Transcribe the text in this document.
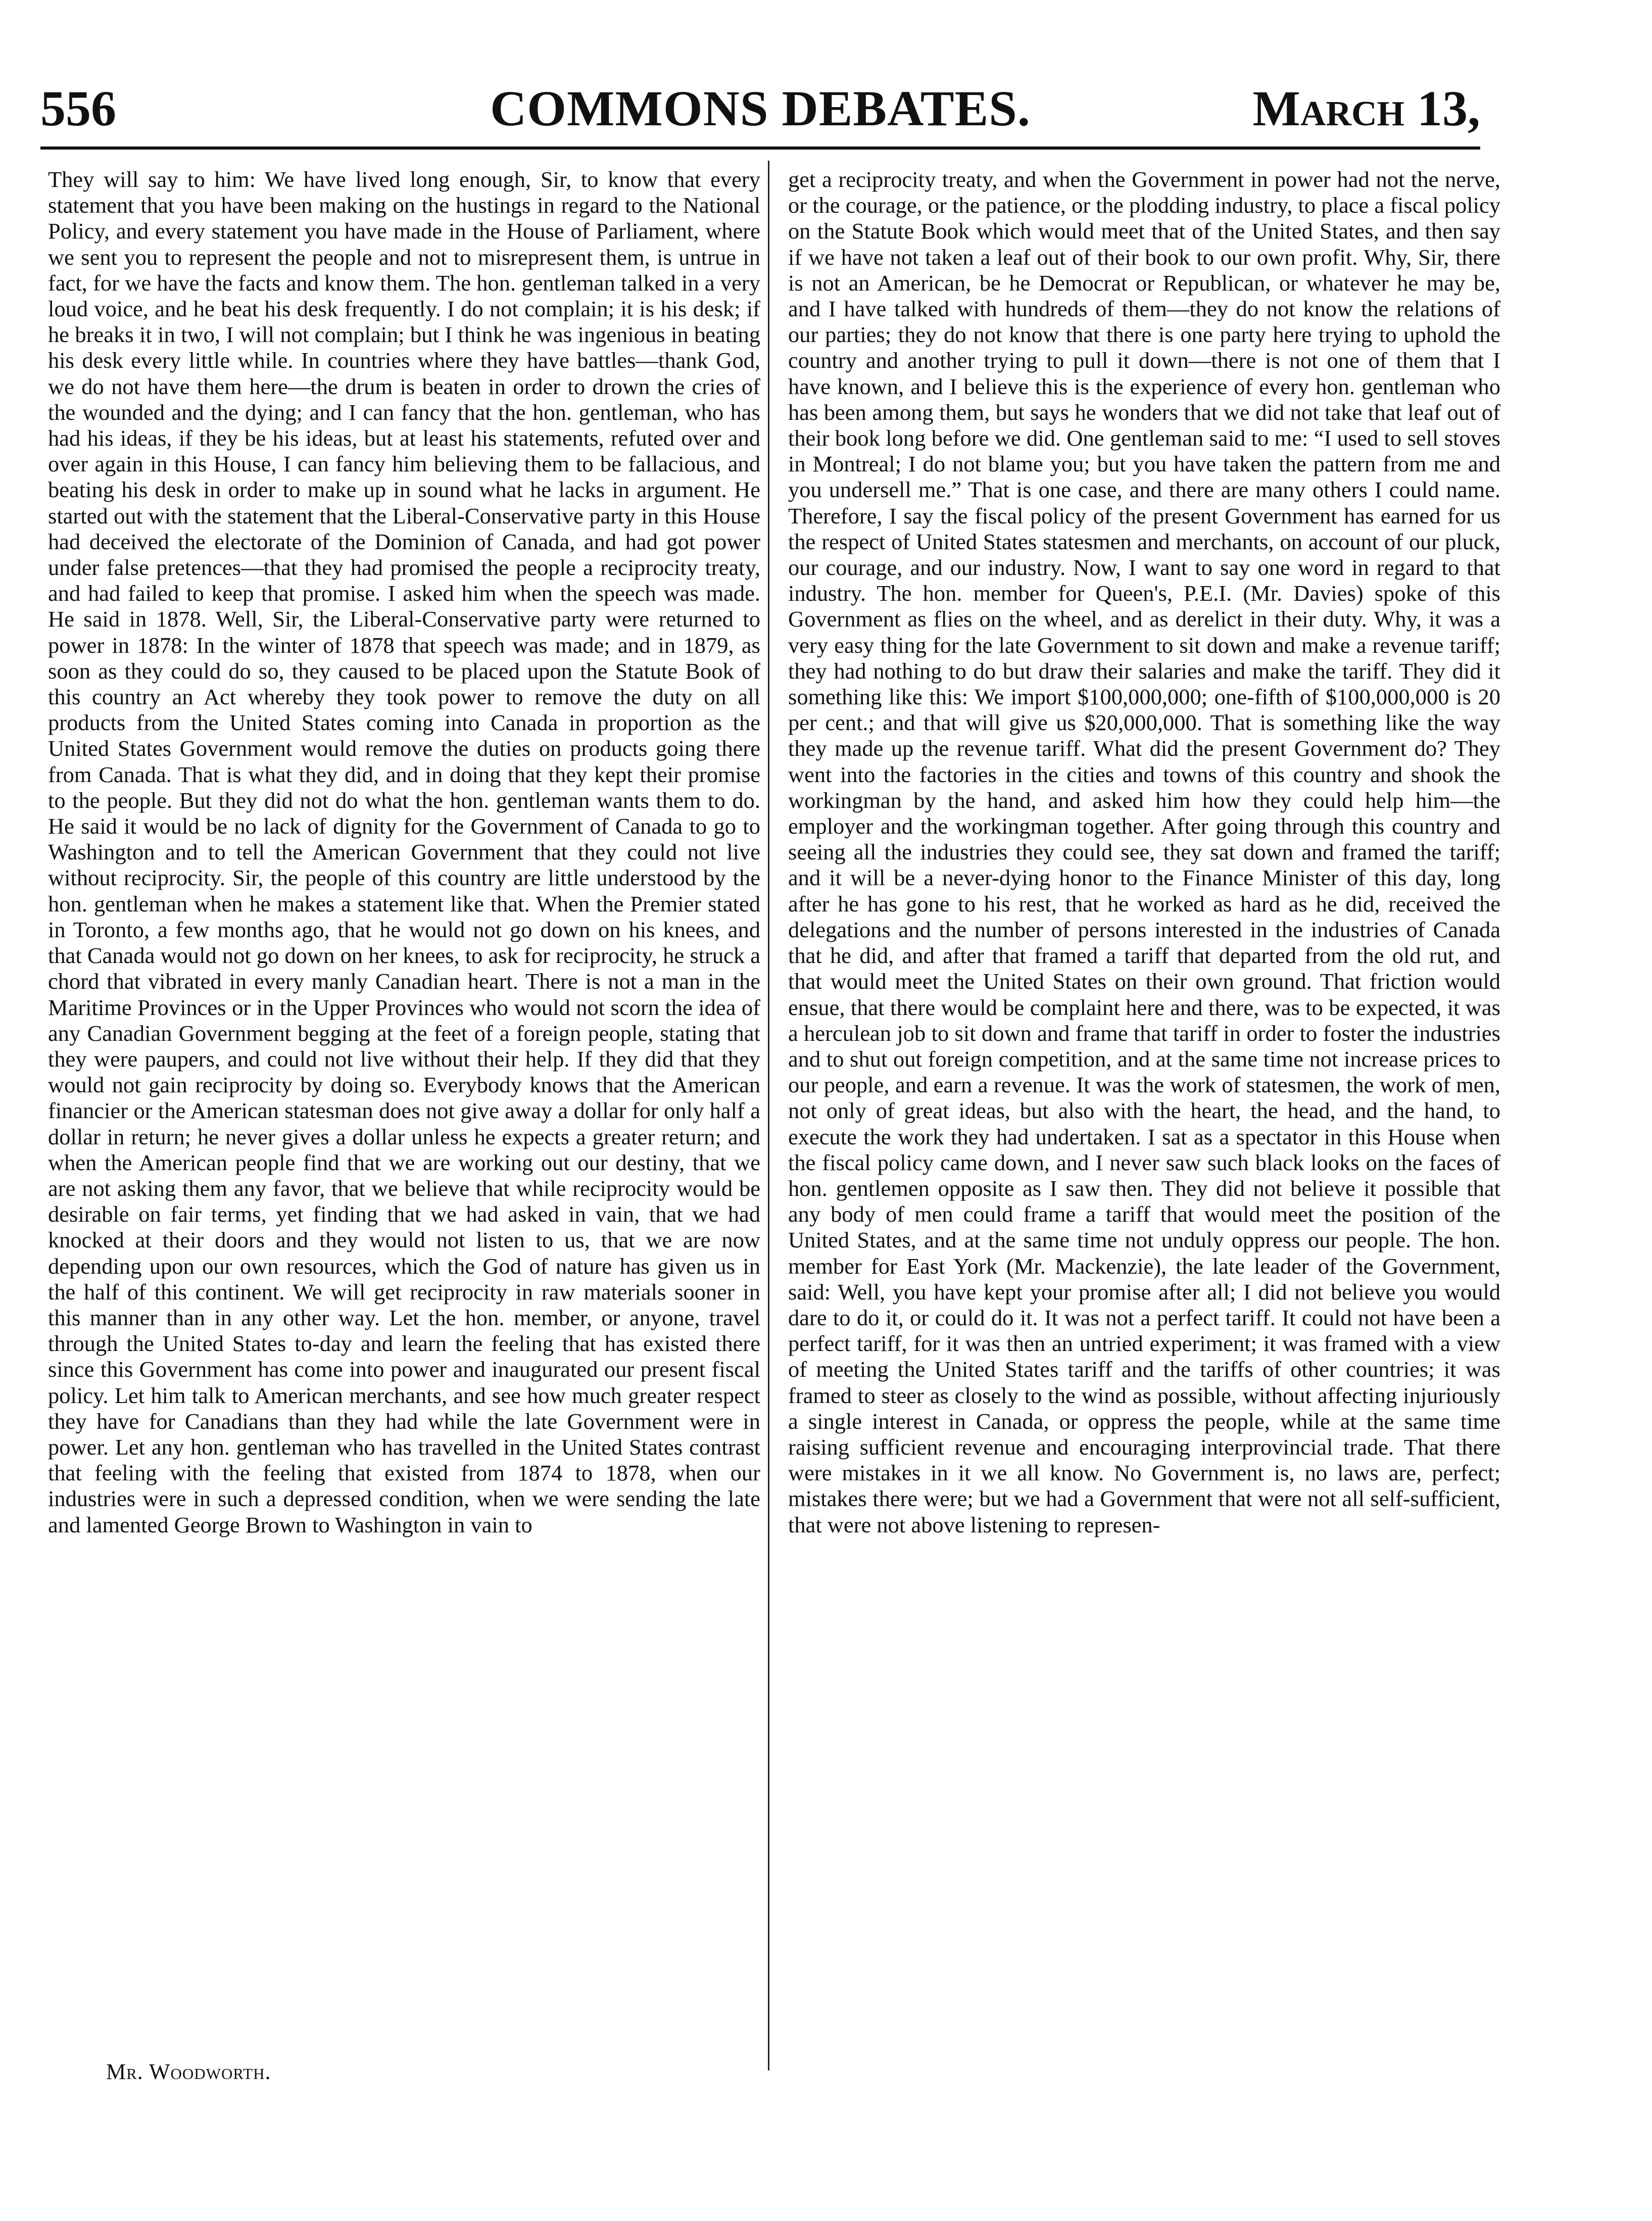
556	COMMONS DEBATES.	March 13,

They will say to him: We have lived long enough, Sir, to know that every statement that you have been making on the hustings in regard to the National Policy, and every statement you have made in the House of Parliament, where we sent you to represent the people and not to misrepresent them, is untrue in fact, for we have the facts and know them. The hon. gentleman talked in a very loud voice, and he beat his desk frequently. I do not complain; it is his desk; if he breaks it in two, I will not complain; but I think he was ingenious in beating his desk every little while. In countries where they have battles—thank God, we do not have them here—the drum is beaten in order to drown the cries of the wounded and the dying; and I can fancy that the hon. gentleman, who has had his ideas, if they be his ideas, but at least his statements, refuted over and over again in this House, I can fancy him believing them to be fallacious, and beating his desk in order to make up in sound what he lacks in argument. He started out with the statement that the Liberal-Conservative party in this House had deceived the electorate of the Dominion of Canada, and had got power under false pretences—that they had promised the people a reciprocity treaty, and had failed to keep that promise. I asked him when the speech was made. He said in 1878. Well, Sir, the Liberal-Conservative party were returned to power in 1878: In the winter of 1878 that speech was made; and in 1879, as soon as they could do so, they caused to be placed upon the Statute Book of this country an Act whereby they took power to remove the duty on all products from the United States coming into Canada in proportion as the United States Government would remove the duties on products going there from Canada. That is what they did, and in doing that they kept their promise to the people. But they did not do what the hon. gentleman wants them to do. He said it would be no lack of dignity for the Government of Canada to go to Washington and to tell the American Government that they could not live without reciprocity. Sir, the people of this country are little understood by the hon. gentleman when he makes a statement like that. When the Premier stated in Toronto, a few months ago, that he would not go down on his knees, and that Canada would not go down on her knees, to ask for reciprocity, he struck a chord that vibrated in every manly Canadian heart. There is not a man in the Maritime Provinces or in the Upper Provinces who would not scorn the idea of any Canadian Government begging at the feet of a foreign people, stating that they were paupers, and could not live without their help. If they did that they would not gain reciprocity by doing so. Everybody knows that the American financier or the American statesman does not give away a dollar for only half a dollar in return; he never gives a dollar unless he expects a greater return; and when the American people find that we are working out our destiny, that we are not asking them any favor, that we believe that while reciprocity would be desirable on fair terms, yet finding that we had asked in vain, that we had knocked at their doors and they would not listen to us, that we are now depending upon our own resources, which the God of nature has given us in the half of this continent. We will get reciprocity in raw materials sooner in this manner than in any other way. Let the hon. member, or anyone, travel through the United States to-day and learn the feeling that has existed there since this Government has come into power and inaugurated our present fiscal policy. Let him talk to American merchants, and see how much greater respect they have for Canadians than they had while the late Government were in power. Let any hon. gentleman who has travelled in the United States contrast that feeling with the feeling that existed from 1874 to 1878, when our industries were in such a depressed condition, when we were sending the late and lamented George Brown to Washington in vain to

get a reciprocity treaty, and when the Government in power had not the nerve, or the courage, or the patience, or the plodding industry, to place a fiscal policy on the Statute Book which would meet that of the United States, and then say if we have not taken a leaf out of their book to our own profit. Why, Sir, there is not an American, be he Democrat or Republican, or whatever he may be, and I have talked with hundreds of them—they do not know the relations of our parties; they do not know that there is one party here trying to uphold the country and another trying to pull it down—there is not one of them that I have known, and I believe this is the experience of every hon. gentleman who has been among them, but says he wonders that we did not take that leaf out of their book long before we did. One gentleman said to me: “I used to sell stoves in Montreal; I do not blame you; but you have taken the pattern from me and you undersell me.” That is one case, and there are many others I could name. Therefore, I say the fiscal policy of the present Government has earned for us the respect of United States statesmen and merchants, on account of our pluck, our courage, and our industry. Now, I want to say one word in regard to that industry. The hon. member for Queen's, P.E.I. (Mr. Davies) spoke of this Government as flies on the wheel, and as derelict in their duty. Why, it was a very easy thing for the late Government to sit down and make a revenue tariff; they had nothing to do but draw their salaries and make the tariff. They did it something like this: We import $100,000,000; one-fifth of $100,000,000 is 20 per cent.; and that will give us $20,000,000. That is something like the way they made up the revenue tariff. What did the present Government do? They went into the factories in the cities and towns of this country and shook the workingman by the hand, and asked him how they could help him—the employer and the workingman together. After going through this country and seeing all the industries they could see, they sat down and framed the tariff; and it will be a never-dying honor to the Finance Minister of this day, long after he has gone to his rest, that he worked as hard as he did, received the delegations and the number of persons interested in the industries of Canada that he did, and after that framed a tariff that departed from the old rut, and that would meet the United States on their own ground. That friction would ensue, that there would be complaint here and there, was to be expected, it was a herculean job to sit down and frame that tariff in order to foster the industries and to shut out foreign competition, and at the same time not increase prices to our people, and earn a revenue. It was the work of statesmen, the work of men, not only of great ideas, but also with the heart, the head, and the hand, to execute the work they had undertaken. I sat as a spectator in this House when the fiscal policy came down, and I never saw such black looks on the faces of hon. gentlemen opposite as I saw then. They did not believe it possible that any body of men could frame a tariff that would meet the position of the United States, and at the same time not unduly oppress our people. The hon. member for East York (Mr. Mackenzie), the late leader of the Government, said: Well, you have kept your promise after all; I did not believe you would dare to do it, or could do it. It was not a perfect tariff. It could not have been a perfect tariff, for it was then an untried experiment; it was framed with a view of meeting the United States tariff and the tariffs of other countries; it was framed to steer as closely to the wind as possible, without affecting injuriously a single interest in Canada, or oppress the people, while at the same time raising sufficient revenue and encouraging interprovincial trade. That there were mistakes in it we all know. No Government is, no laws are, perfect; mistakes there were; but we had a Government that were not all self-sufficient, that were not above listening to represen-

Mr. Woodworth.
